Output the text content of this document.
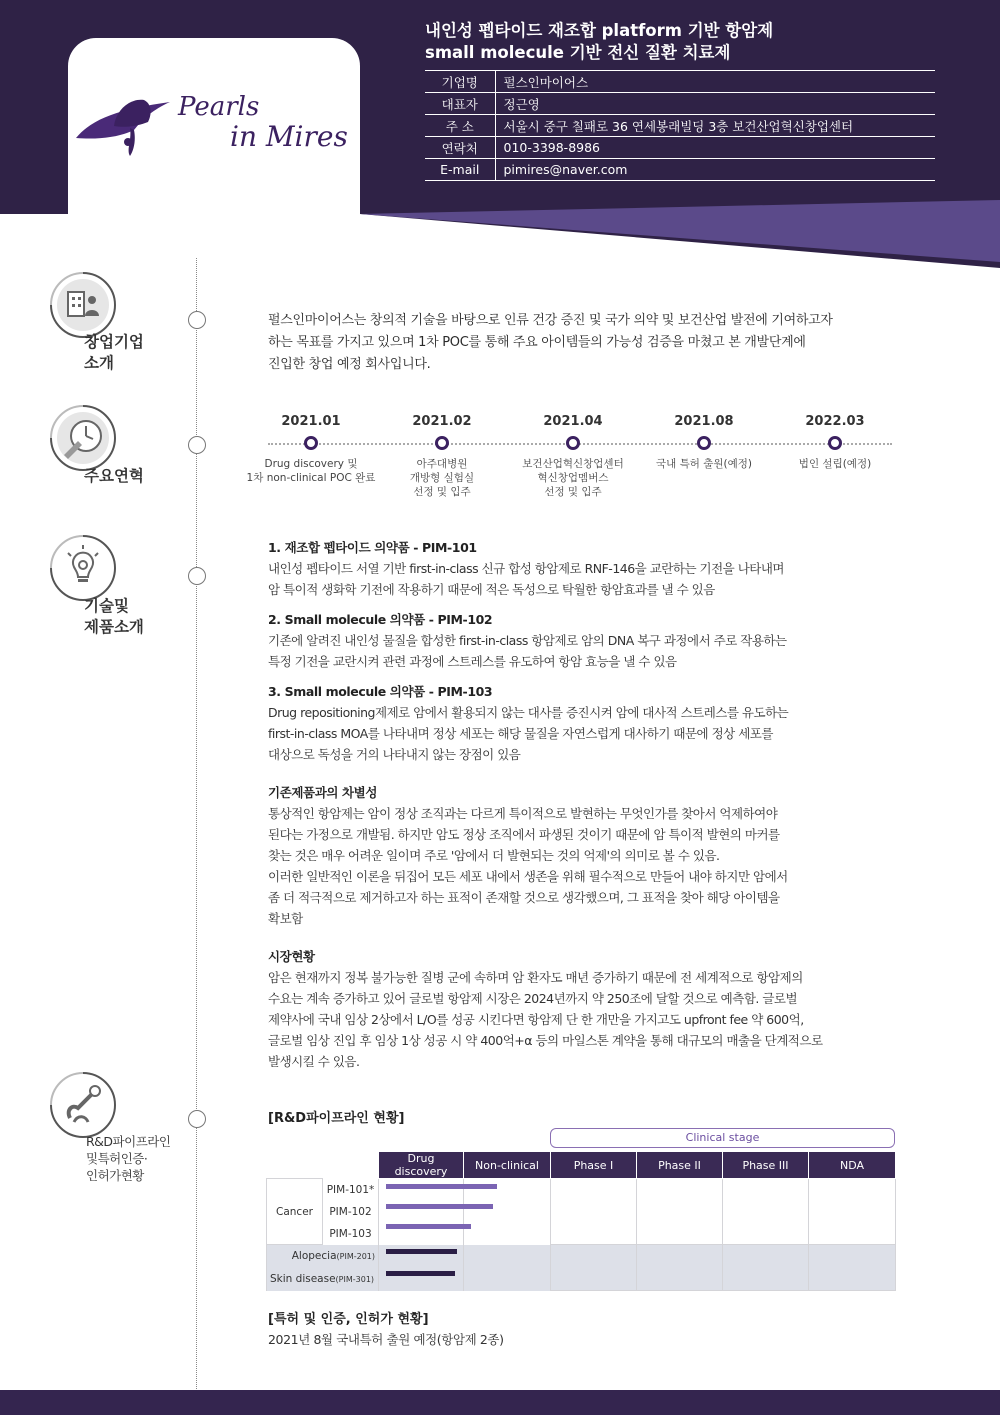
Pearls
in Mires
내인성 펩타이드 재조합 platform 기반 항암제
small molecule 기반 전신 질환 치료제
기업명	펄스인마이어스
대표자	정근영
주 소	서울시 중구 칠패로 36 연세봉래빌딩 3층 보건산업혁신창업센터
연락처	010-3398-8986
E-mail	pimires@naver.com
창업기업
소개
주요연혁
기술및
제품소개
R&D파이프라인
및특허인증·
인허가현황
펄스인마이어스는 창의적 기술을 바탕으로 인류 건강 증진 및 국가 의약 및 보건산업 발전에 기여하고자
하는 목표를 가지고 있으며 1차 POC를 통해 주요 아이템들의 가능성 검증을 마쳤고 본 개발단계에
진입한 창업 예정 회사입니다.
2021.01
Drug discovery 및
1차 non-clinical POC 완료
2021.02
아주대병원
개방형 실험실
선정 및 입주
2021.04
보건산업혁신창업센터
혁신창업멤버스
선정 및 입주
2021.08
국내 특허 출원(예정)
2022.03
법인 설립(예정)
1. 재조합 펩타이드 의약품 - PIM-101

내인성 펩타이드 서열 기반 first-in-class 신규 합성 항암제로 RNF-146을 교란하는 기전을 나타내며
암 특이적 생화학 기전에 작용하기 때문에 적은 독성으로 탁월한 항암효과를 낼 수 있음

2. Small molecule 의약품 - PIM-102

기존에 알려진 내인성 물질을 합성한 first-in-class 항암제로 암의 DNA 복구 과정에서 주로 작용하는
특정 기전을 교란시켜 관련 과정에 스트레스를 유도하여 항암 효능을 낼 수 있음

3. Small molecule 의약품 - PIM-103

Drug repositioning제제로 암에서 활용되지 않는 대사를 증진시켜 암에 대사적 스트레스를 유도하는
first-in-class MOA를 나타내며 정상 세포는 해당 물질을 자연스럽게 대사하기 때문에 정상 세포를
대상으로 독성을 거의 나타내지 않는 장점이 있음

기존제품과의 차별성

통상적인 항암제는 암이 정상 조직과는 다르게 특이적으로 발현하는 무엇인가를 찾아서 억제하여야
된다는 가정으로 개발됨. 하지만 암도 정상 조직에서 파생된 것이기 때문에 암 특이적 발현의 마커를
찾는 것은 매우 어려운 일이며 주로 '암에서 더 발현되는 것의 억제'의 의미로 볼 수 있음.
이러한 일반적인 이론을 뒤집어 모든 세포 내에서 생존을 위해 필수적으로 만들어 내야 하지만 암에서
좀 더 적극적으로 제거하고자 하는 표적이 존재할 것으로 생각했으며, 그 표적을 찾아 해당 아이템을
확보함

시장현황

암은 현재까지 정복 불가능한 질병 군에 속하며 암 환자도 매년 증가하기 때문에 전 세계적으로 항암제의
수요는 계속 증가하고 있어 글로벌 항암제 시장은 2024년까지 약 250조에 달할 것으로 예측함. 글로벌
제약사에 국내 임상 2상에서 L/O를 성공 시킨다면 항암제 단 한 개만을 가지고도 upfront fee 약 600억,
글로벌 임상 진입 후 임상 1상 성공 시 약 400억+α 등의 마일스톤 계약을 통해 대규모의 매출을 단계적으로
발생시킬 수 있음.

[R&D파이프라인 현황]
Clinical stage
		Drug discovery	Non-clinical	Phase I	Phase II	Phase III	NDA
Cancer	PIM-101*						
	PIM-102						
	PIM-103						
Alopecia(PIM-201)							
Skin disease(PIM-301)							
[특허 및 인증, 인허가 현황]
2021년 8월 국내특허 출원 예정(항암제 2종)
